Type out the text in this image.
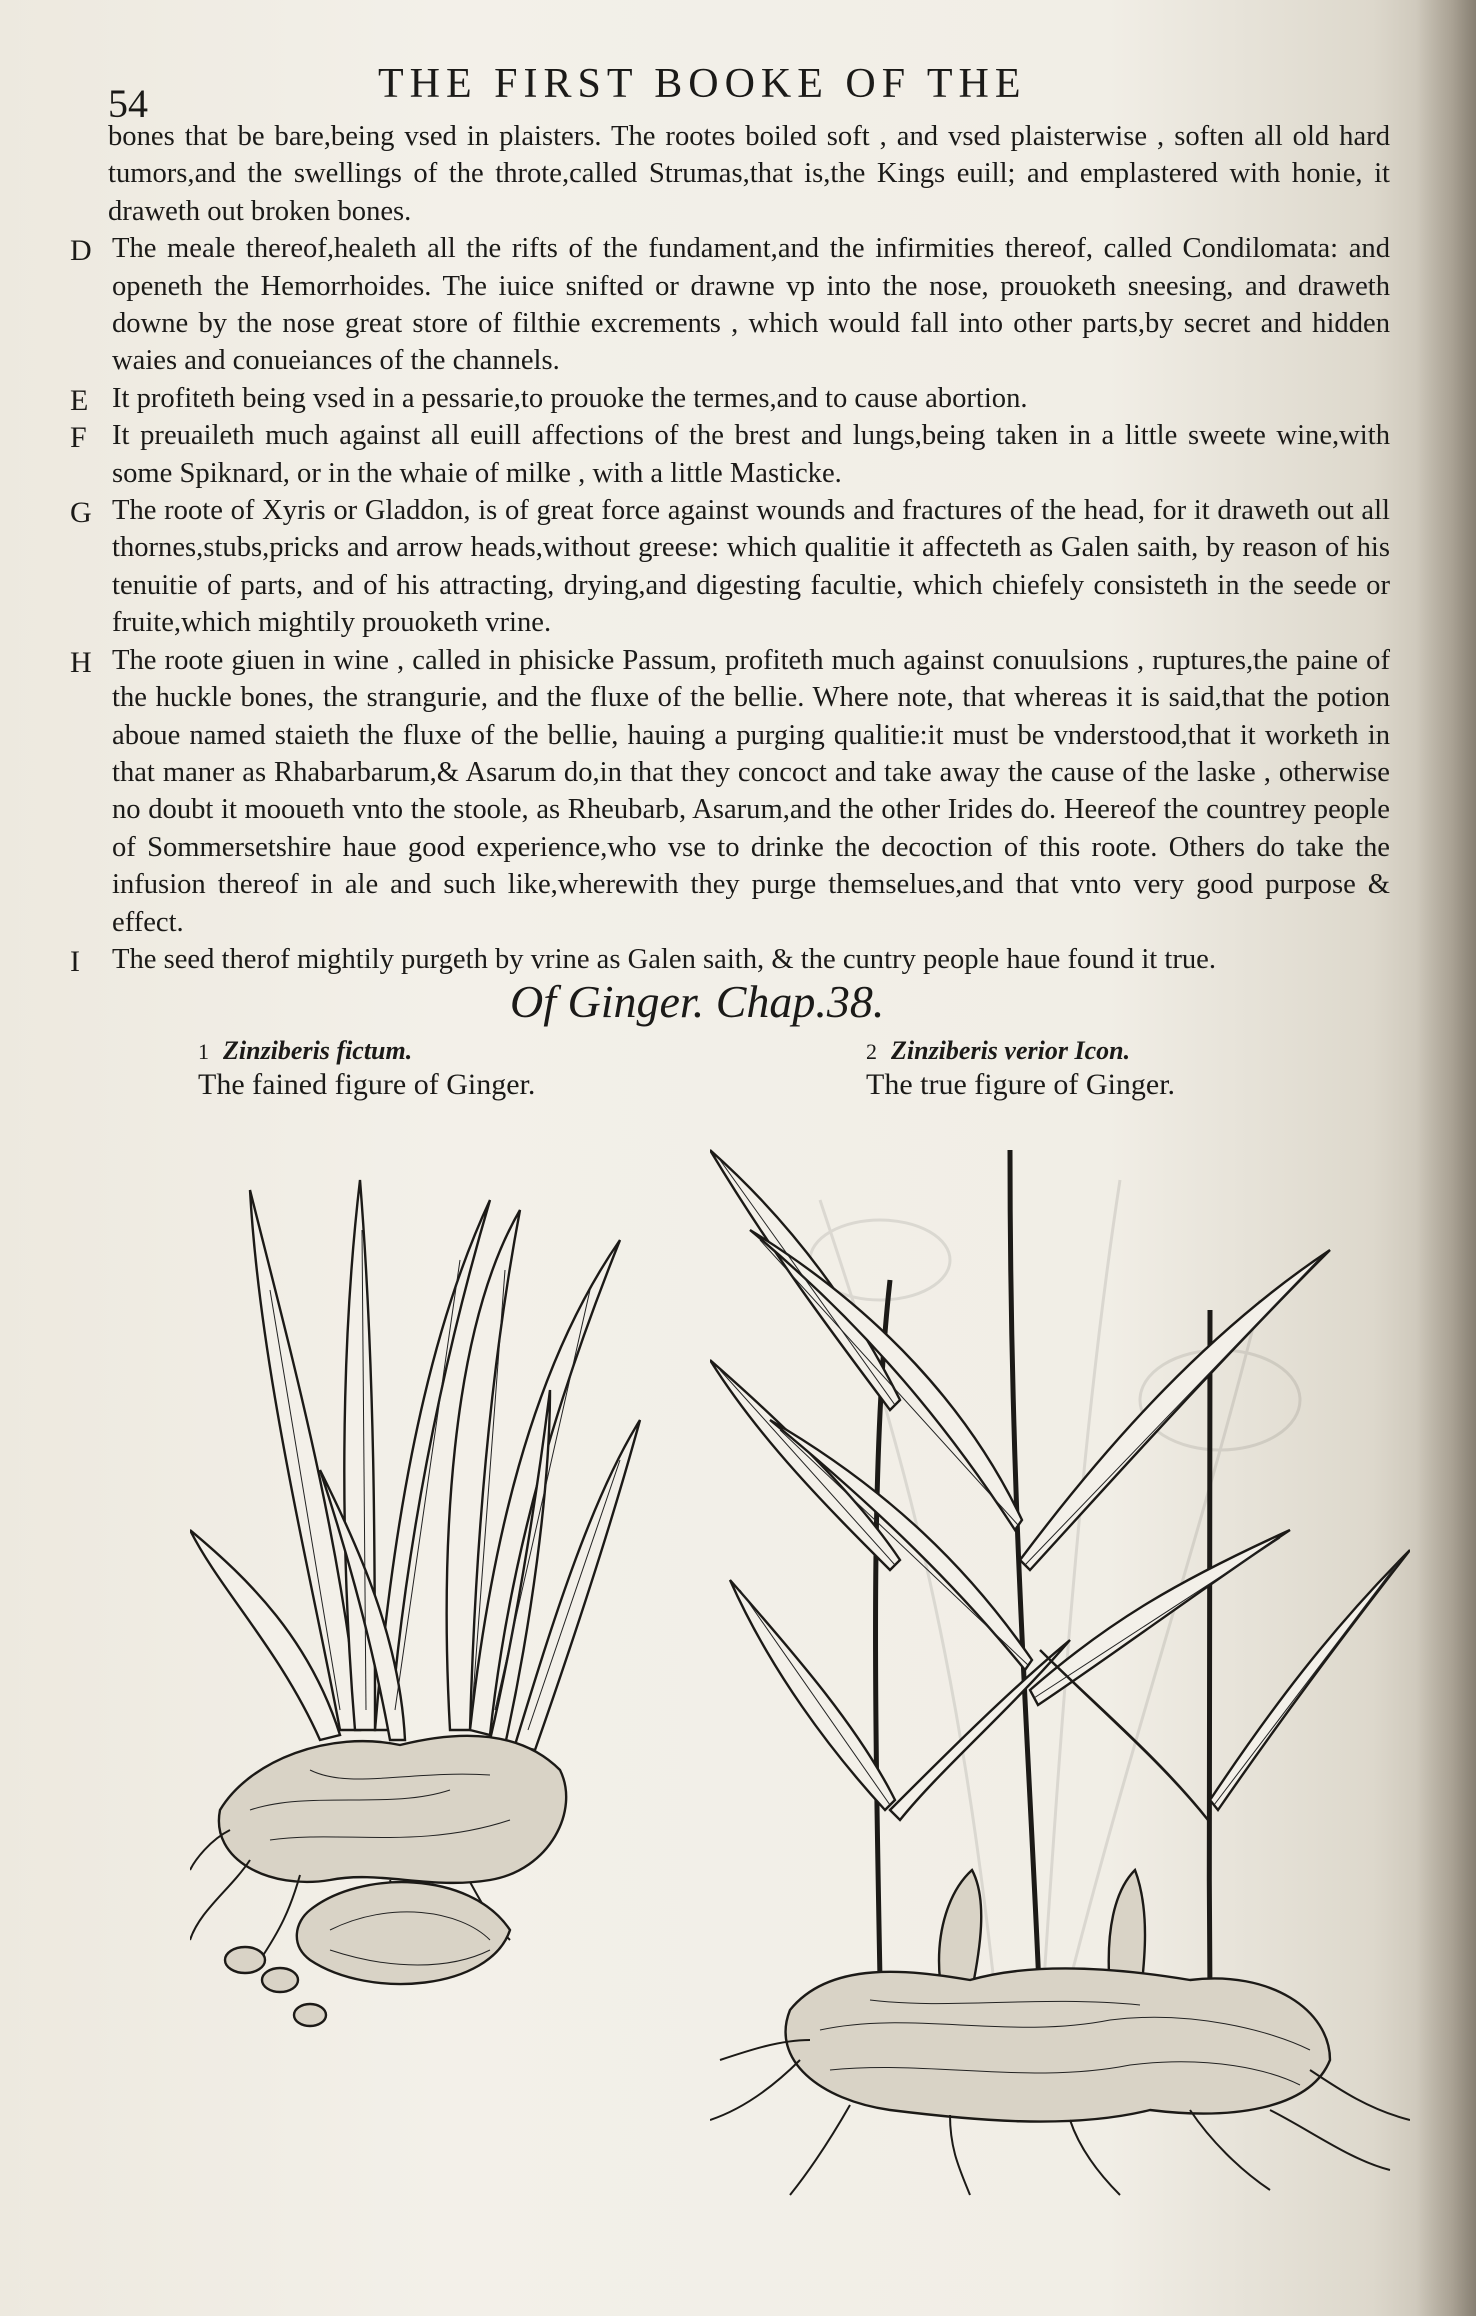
54	THE FIRST BOOKE OF THE

bones that be bare,being vsed in plaisters. The rootes boiled soft , and vsed plaisterwise , soften all old hard tumors,and the swellings of the throte,called Strumas,that is,the Kings euill; and emplastered with honie, it draweth out broken bones.

D The meale thereof,healeth all the rifts of the fundament,and the infirmities thereof, called Condilomata: and openeth the Hemorrhoides. The iuice snifted or drawne vp into the nose, prouoketh sneesing, and draweth downe by the nose great store of filthie excrements , which would fall into other parts,by secret and hidden waies and conueiances of the channels.

E It profiteth being vsed in a pessarie,to prouoke the termes,and to cause abortion.

F It preuaileth much against all euill affections of the brest and lungs,being taken in a little sweete wine,with some Spiknard, or in the whaie of milke , with a little Masticke.

G The roote of Xyris or Gladdon, is of great force against wounds and fractures of the head, for it draweth out all thornes,stubs,pricks and arrow heads,without greese: which qualitie it affecteth as Galen saith, by reason of his tenuitie of parts, and of his attracting, drying,and digesting facultie, which chiefely consisteth in the seede or fruite,which mightily prouoketh vrine.

H The roote giuen in wine , called in phisicke Passum, profiteth much against conuulsions , ruptures,the paine of the huckle bones, the strangurie, and the fluxe of the bellie. Where note, that whereas it is said,that the potion aboue named staieth the fluxe of the bellie, hauing a purging qualitie:it must be vnderstood,that it worketh in that maner as Rhabarbarum,& Asarum do,in that they concoct and take away the cause of the laske , otherwise no doubt it mooueth vnto the stoole, as Rheubarb, Asarum,and the other Irides do. Heereof the countrey people of Sommersetshire haue good experience,who vse to drinke the decoction of this roote. Others do take the infusion thereof in ale and such like,wherewith they purge themselues,and that vnto very good purpose & effect.

I The seed therof mightily purgeth by vrine as Galen saith, & the cuntry people haue found it true.

Of Ginger. Chap.38.
1 Zinziberis fictum.
The fained figure of Ginger.
2 Zinziberis verior Icon.
The true figure of Ginger.
